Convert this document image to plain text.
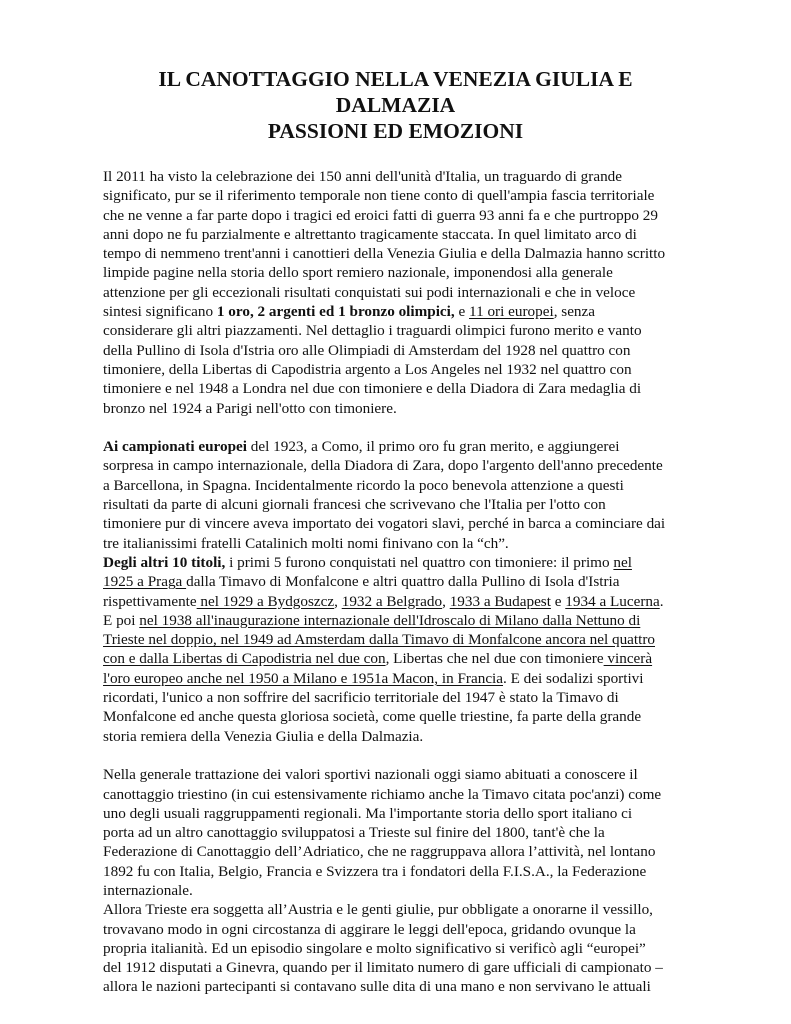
IL CANOTTAGGIO NELLA VENEZIA GIULIA E
DALMAZIA
PASSIONI ED EMOZIONI
Il 2011 ha visto la celebrazione dei 150 anni dell'unità d'Italia, un traguardo di grande
significato, pur se il riferimento temporale non tiene conto di quell'ampia fascia territoriale
che ne venne a far parte dopo i tragici ed eroici fatti di guerra 93 anni fa e che purtroppo 29
anni dopo ne fu parzialmente e altrettanto tragicamente staccata. In quel limitato arco di
tempo di nemmeno trent'anni i canottieri della Venezia Giulia e della Dalmazia hanno scritto
limpide pagine nella storia dello sport remiero nazionale, imponendosi alla generale
attenzione per gli eccezionali risultati conquistati sui podi internazionali e che in veloce
sintesi significano 1 oro, 2 argenti ed 1 bronzo olimpici, e 11 ori europei, senza
considerare gli altri piazzamenti. Nel dettaglio i traguardi olimpici furono merito e vanto
della Pullino di Isola d'Istria oro alle Olimpiadi di Amsterdam del 1928 nel quattro con
timoniere, della Libertas di Capodistria argento a Los Angeles nel 1932 nel quattro con
timoniere e nel 1948 a Londra nel due con timoniere e della Diadora di Zara medaglia di
bronzo nel 1924 a Parigi nell'otto con timoniere.
Ai campionati europei del 1923, a Como, il primo oro fu gran merito, e aggiungerei
sorpresa in campo internazionale, della Diadora di Zara, dopo l'argento dell'anno precedente
a Barcellona, in Spagna. Incidentalmente ricordo la poco benevola attenzione a questi
risultati da parte di alcuni giornali francesi che scrivevano che l'Italia per l'otto con
timoniere pur di vincere aveva importato dei vogatori slavi, perché in barca a cominciare dai
tre italianissimi fratelli Catalinich molti nomi finivano con la “ch”.
Degli altri 10 titoli, i primi 5 furono conquistati nel quattro con timoniere: il primo nel
1925 a Praga dalla Timavo di Monfalcone e altri quattro dalla Pullino di Isola d'Istria
rispettivamente nel 1929 a Bydgoszcz, 1932 a Belgrado, 1933 a Budapest e 1934 a Lucerna.
E poi nel 1938 all'inaugurazione internazionale dell'Idroscalo di Milano dalla Nettuno di
Trieste nel doppio, nel 1949 ad Amsterdam dalla Timavo di Monfalcone ancora nel quattro
con e dalla Libertas di Capodistria nel due con, Libertas che nel due con timoniere vincerà
l'oro europeo anche nel 1950 a Milano e 1951a Macon, in Francia. E dei sodalizi sportivi
ricordati, l'unico a non soffrire del sacrificio territoriale del 1947 è stato la Timavo di
Monfalcone ed anche questa gloriosa società, come quelle triestine, fa parte della grande
storia remiera della Venezia Giulia e della Dalmazia.
Nella generale trattazione dei valori sportivi nazionali oggi siamo abituati a conoscere il
canottaggio triestino (in cui estensivamente richiamo anche la Timavo citata poc'anzi) come
uno degli usuali raggruppamenti regionali. Ma l'importante storia dello sport italiano ci
porta ad un altro canottaggio sviluppatosi a Trieste sul finire del 1800, tant'è che la
Federazione di Canottaggio dell’Adriatico, che ne raggruppava allora l’attività, nel lontano
1892 fu con Italia, Belgio, Francia e Svizzera tra i fondatori della F.I.S.A., la Federazione
internazionale.
Allora Trieste era soggetta all’Austria e le genti giulie, pur obbligate a onorarne il vessillo,
trovavano modo in ogni circostanza di aggirare le leggi dell'epoca, gridando ovunque la
propria italianità. Ed un episodio singolare e molto significativo si verificò agli “europei”
del 1912 disputati a Ginevra, quando per il limitato numero di gare ufficiali di campionato –
allora le nazioni partecipanti si contavano sulle dita di una mano e non servivano le attuali
